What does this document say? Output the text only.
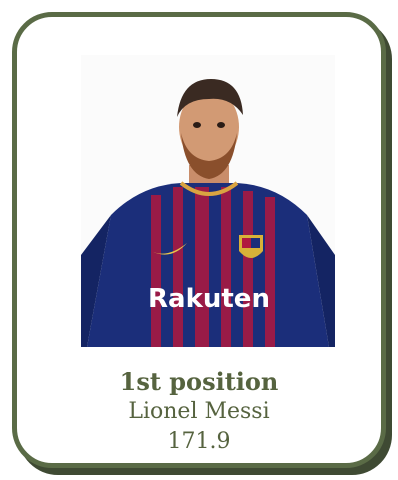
Rakuten
1st position
Lionel Messi
171.9
